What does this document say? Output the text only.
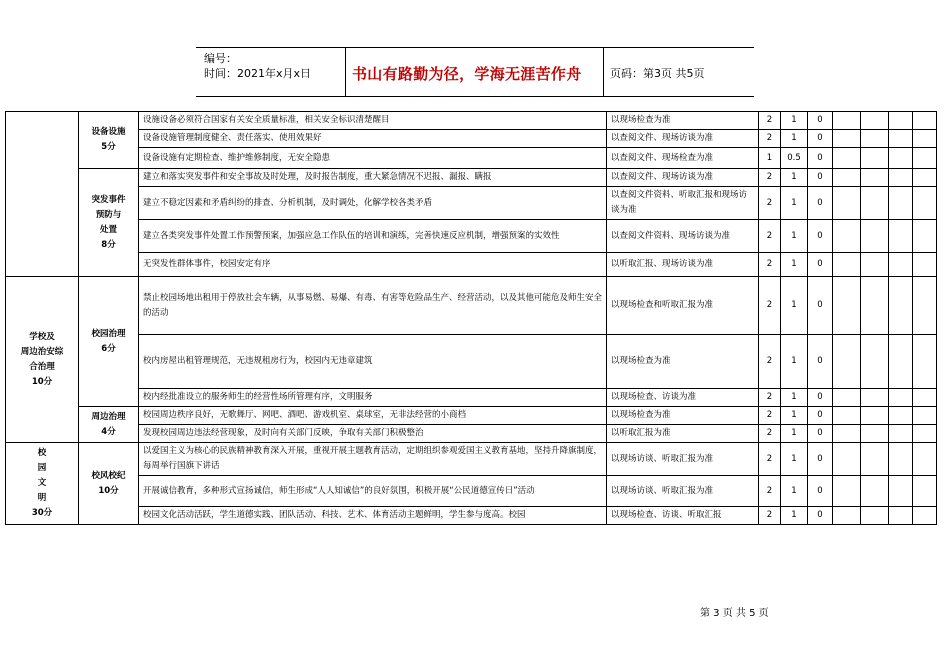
编号：
时间：2021年x月x日	书山有路勤为径，学海无涯苦作舟	页码：第3页 共5页
	设备设施
5分	设施设备必须符合国家有关安全质量标准，相关安全标识清楚醒目	以现场检查为准	2	1	0				
		设备设施管理制度健全、责任落实、使用效果好	以查阅文件、现场访谈为准	2	1	0				
		设备设施有定期检查、维护维修制度，无安全隐患	以查阅文件、现场检查为准	1	0.5	0				
	突发事件
预防与
处置
8分	建立和落实突发事件和安全事故及时处理，及时报告制度，重大紧急情况不迟报、漏报、瞒报	以查阅文件、现场访谈为准	2	1	0				
		建立不稳定因素和矛盾纠纷的排查、分析机制，及时调处，化解学校各类矛盾	以查阅文件资料、听取汇报和现场访谈为准	2	1	0				
		建立各类突发事件处置工作预警预案，加强应急工作队伍的培训和演练，完善快速反应机制，增强预案的实效性	以查阅文件资料、现场访谈为准	2	1	0				
		无突发性群体事件，校园安定有序	以听取汇报、现场访谈为准	2	1	0				
学校及
周边治安综
合治理
10分	校园治理
6分	禁止校园场地出租用于停放社会车辆，从事易燃、易爆、有毒、有害等危险品生产、经营活动，以及其他可能危及师生安全的活动	以现场检查和听取汇报为准	2	1	0				
		校内房屋出租管理规范，无违规租房行为，校园内无违章建筑	以现场检查为准	2	1	0				
		校内经批准设立的服务师生的经营性场所管理有序，文明服务	以现场检查、访谈为准	2	1	0				
	周边治理
4分	校园周边秩序良好，无歌舞厅、网吧、酒吧、游戏机室、桌球室，无非法经营的小商档	以现场检查为准	2	1	0				
		发现校园周边违法经营现象，及时向有关部门反映，争取有关部门积极整治	以听取汇报为准	2	1	0				
校
园
文
明
30分	校风校纪
10分	以爱国主义为核心的民族精神教育深入开展，重视开展主题教育活动，定期组织参观爱国主义教育基地，坚持升降旗制度，每周举行国旗下讲话	以现场访谈、听取汇报为准	2	1	0				
		开展诚信教育，多种形式宣扬诚信，师生形成“人人知诚信”的良好氛围，积极开展“公民道德宣传日”活动	以现场访谈、听取汇报为准	2	1	0				
		校园文化活动活跃，学生道德实践、团队活动、科技、艺术、体育活动主题鲜明，学生参与度高。校园	以现场检查、访谈、听取汇报	2	1	0				
第 3 页 共 5 页
